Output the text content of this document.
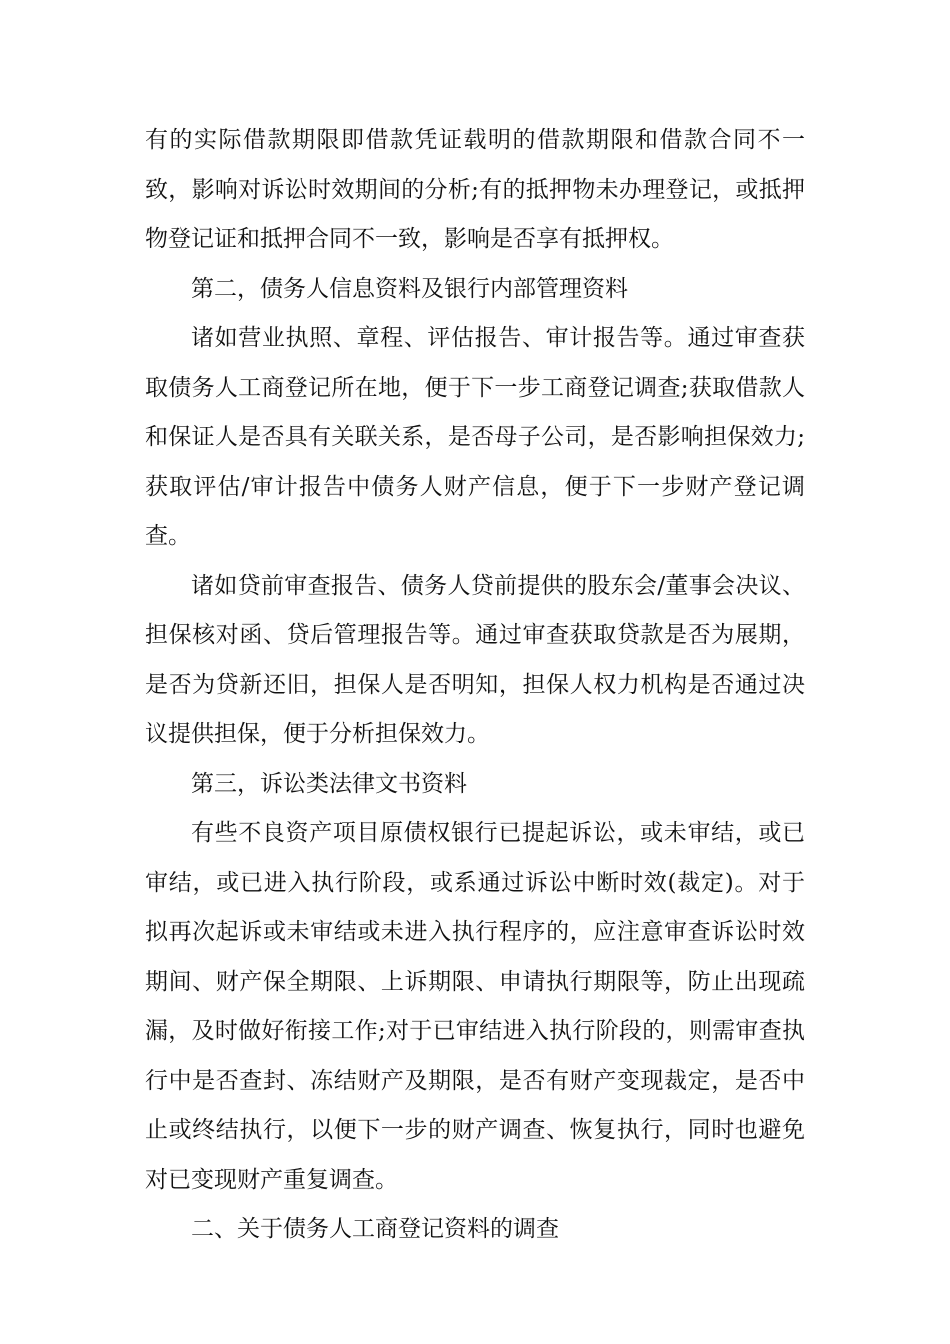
有的实际借款期限即借款凭证载明的借款期限和借款合同不一致，影响对诉讼时效期间的分析;有的抵押物未办理登记，或抵押物登记证和抵押合同不一致，影响是否享有抵押权。

第二，债务人信息资料及银行内部管理资料

诸如营业执照、章程、评估报告、审计报告等。通过审查获取债务人工商登记所在地，便于下一步工商登记调查;获取借款人和保证人是否具有关联关系，是否母子公司，是否影响担保效力;获取评估/审计报告中债务人财产信息，便于下一步财产登记调查。

诸如贷前审查报告、债务人贷前提供的股东会/董事会决议、担保核对函、贷后管理报告等。通过审查获取贷款是否为展期，是否为贷新还旧，担保人是否明知，担保人权力机构是否通过决议提供担保，便于分析担保效力。

第三，诉讼类法律文书资料

有些不良资产项目原债权银行已提起诉讼，或未审结，或已审结，或已进入执行阶段，或系通过诉讼中断时效(裁定)。对于拟再次起诉或未审结或未进入执行程序的，应注意审查诉讼时效期间、财产保全期限、上诉期限、申请执行期限等，防止出现疏漏，及时做好衔接工作;对于已审结进入执行阶段的，则需审查执行中是否查封、冻结财产及期限，是否有财产变现裁定，是否中止或终结执行，以便下一步的财产调查、恢复执行，同时也避免对已变现财产重复调查。

二、关于债务人工商登记资料的调查
